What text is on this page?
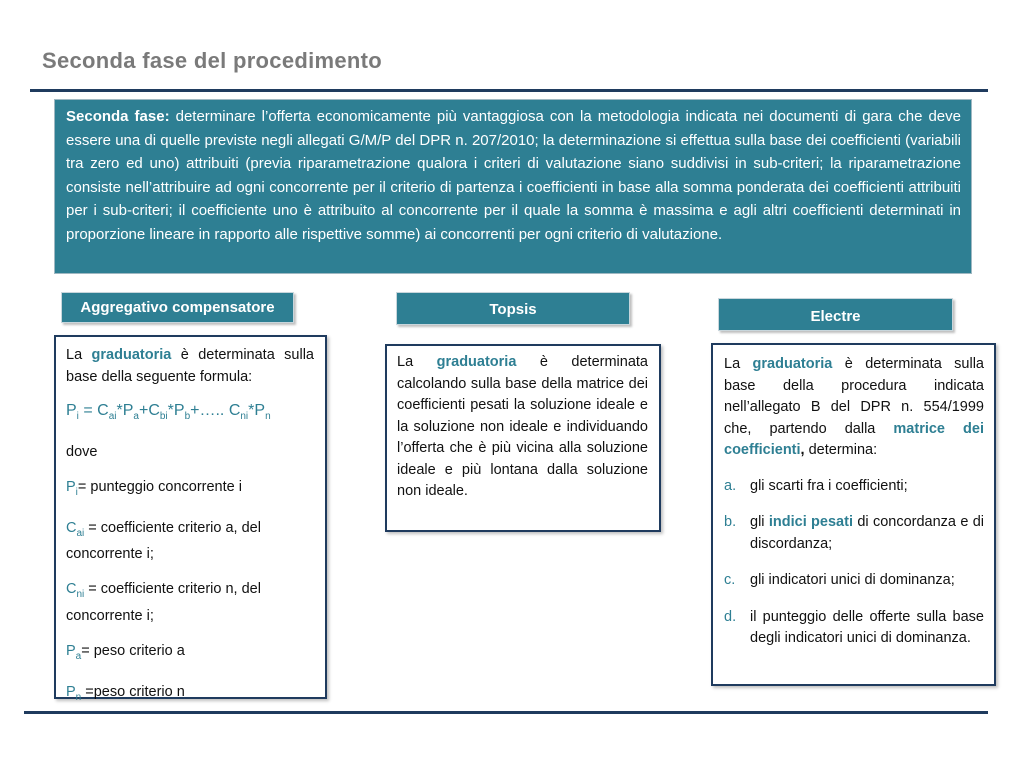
Seconda fase del procedimento
Seconda fase: determinare l’offerta economicamente più vantaggiosa con la metodologia indicata nei documenti di gara che deve essere una di quelle previste negli allegati G/M/P del DPR n. 207/2010; la determinazione si effettua sulla base dei coefficienti (variabili tra zero ed uno) attribuiti (previa riparametrazione qualora i criteri di valutazione siano suddivisi in sub-criteri; la riparametrazione consiste nell’attribuire ad ogni concorrente per il criterio di partenza i coefficienti in base alla somma ponderata dei coefficienti attribuiti per i sub-criteri; il coefficiente uno è attribuito al concorrente per il quale la somma è massima e agli altri coefficienti determinati in proporzione lineare in rapporto alle rispettive somme) ai concorrenti per ogni criterio di valutazione.
Aggregativo compensatore	Topsis	Electre

La graduatoria è determinata sulla base della seguente formula:

$P_i$ = $C_{ai}*P_a+C_{bi}*P_b+\dots$.. $C_{ni}*P_n$

dove

$P_i=$ punteggio concorrente i

$C_{ai}$ = coefficiente criterio a, del concorrente i;

$C_{ni}$ = coefficiente criterio n, del concorrente i;

$P_a=$ peso criterio a

$P_n$ =peso criterio n

La graduatoria è determinata calcolando sulla base della matrice dei coefficienti pesati la soluzione ideale e la soluzione non ideale e individuando l’offerta che è più vicina alla soluzione ideale e più lontana dalla soluzione non ideale.

La graduatoria è determinata sulla base della procedura indicata nell’allegato B del DPR n. 554/1999 che, partendo dalla matrice dei coefficienti, determina:

a. gli scarti fra i coefficienti;
b. gli indici pesati di concordanza e di discordanza;
c.	gli indicatori unici di dominanza;
d. il punteggio delle offerte sulla base degli indicatori unici di dominanza.
